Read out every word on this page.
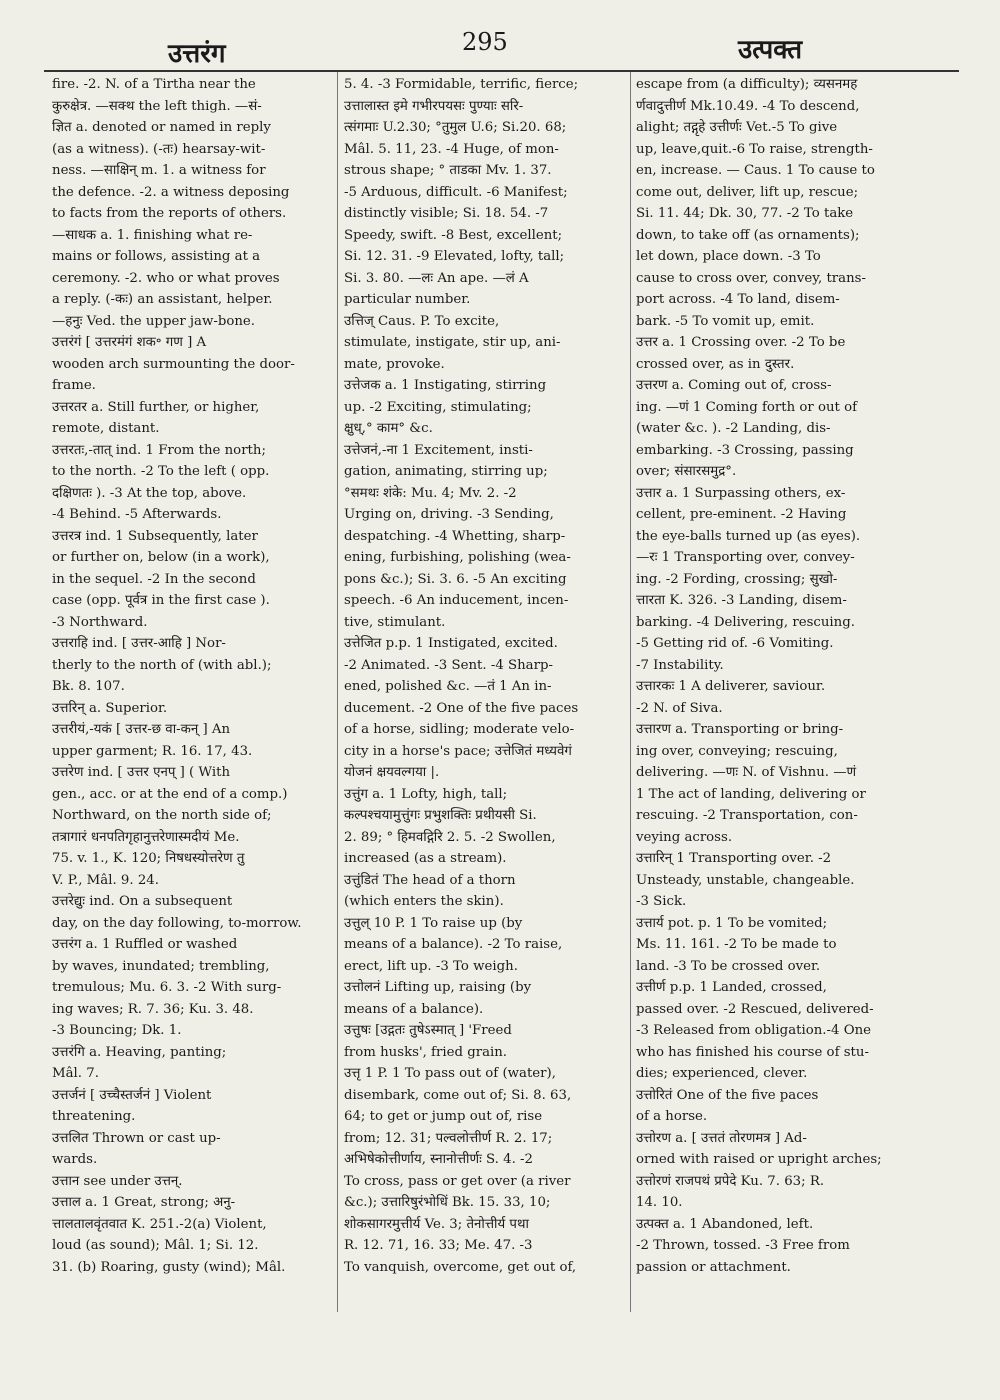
उत्तरंग	295	उत्पक्त
fire. -2. N. of a Tirtha near the
कुरुक्षेत्र. —सक्थ the left thigh. —सं-
ज्ञित a. denoted or named in reply
(as a witness). (-तः) hearsay-wit-
ness. —साक्षिन् m. 1. a witness for
the defence. -2. a witness deposing
to facts from the reports of others.
—साधक a. 1. finishing what re-
mains or follows, assisting at a
ceremony. -2. who or what proves
a reply. (-कः) an assistant, helper.
—हनुः Ved. the upper jaw-bone.
उत्तरंगं [ उत्तरमंगं शक॰ गण ] A
wooden arch surmounting the door-
frame.
उत्तरतर a. Still further, or higher,
remote, distant.
उत्तरतः,-तात् ind. 1 From the north;
to the north. -2 To the left ( opp.
दक्षिणतः ). -3 At the top, above.
-4 Behind. -5 Afterwards.
उत्तरत्र ind. 1 Subsequently, later
or further on, below (in a work),
in the sequel. -2 In the second
case (opp. पूर्वत्र in the first case ).
-3 Northward.
उत्तराहि ind. [ उत्तर-आहि ] Nor-
therly to the north of (with abl.);
Bk. 8. 107.
उत्तरिन् a. Superior.
उत्तरीयं,-यकं [ उत्तर-छ वा-कन् ] An
upper garment; R. 16. 17, 43.
उत्तरेण ind. [ उत्तर एनप् ] ( With
gen., acc. or at the end of a comp.)
Northward, on the north side of;
तत्रागारं धनपतिगृहानुत्तरेणास्मदीयं Me.
75. v. 1., K. 120; निषधस्योत्तरेण तु
V. P., Mâl. 9. 24.
उत्तरेद्युः ind. On a subsequent
day, on the day following, to-morrow.
उत्तरंग a. 1 Ruffled or washed
by waves, inundated; trembling,
tremulous; Mu. 6. 3. -2 With surg-
ing waves; R. 7. 36; Ku. 3. 48.
-3 Bouncing; Dk. 1.
उत्तरंगि a. Heaving, panting;
Mâl. 7.
उत्तर्जनं [ उच्चैस्तर्जनं ] Violent
threatening.
उत्तलित Thrown or cast up-
wards.
उत्तान see under उत्तन्.
उत्ताल a. 1 Great, strong; अनु-
त्तालतालवृंतवात K. 251.-2(a) Violent,
loud (as sound); Mâl. 1; Si. 12.
31. (b) Roaring, gusty (wind); Mâl.
5. 4. -3 Formidable, terrific, fierce;
उत्तालास्त इमे गभीरपयसः पुण्याः सरि-
त्संगमाः U.2.30; °तुमुल U.6; Si.20. 68;
Mâl. 5. 11, 23. -4 Huge, of mon-
strous shape; ° ताडका Mv. 1. 37.
-5 Arduous, difficult. -6 Manifest;
distinctly visible; Si. 18. 54. -7
Speedy, swift. -8 Best, excellent;
Si. 12. 31. -9 Elevated, lofty, tall;
Si. 3. 80. —लः An ape. —लं A
particular number.
उत्तिज् Caus. P. To excite,
stimulate, instigate, stir up, ani-
mate, provoke.
उत्तेजक a. 1 Instigating, stirring
up. -2 Exciting, stimulating;
क्षुध्,° काम° &c.
उत्तेजनं,-ना 1 Excitement, insti-
gation, animating, stirring up;
°समथः शंके: Mu. 4; Mv. 2. -2
Urging on, driving. -3 Sending,
despatching. -4 Whetting, sharp-
ening, furbishing, polishing (wea-
pons &c.); Si. 3. 6. -5 An exciting
speech. -6 An inducement, incen-
tive, stimulant.
उत्तेजित p.p. 1 Instigated, excited.
-2 Animated. -3 Sent. -4 Sharp-
ened, polished &c. —तं 1 An in-
ducement. -2 One of the five paces
of a horse, sidling; moderate velo-
city in a horse's pace; उत्तेजितं मध्यवेगं
योजनं क्षयवल्गया |.
उत्तुंग a. 1 Lofty, high, tall;
कल्पश्चयामुत्तुंगः प्रभुशक्तिः प्रथीयसी Si.
2. 89; ° हिमवद्गिरि 2. 5. -2 Swollen,
increased (as a stream).
उत्तुंडितं The head of a thorn
(which enters the skin).
उत्तुल् 10 P. 1 To raise up (by
means of a balance). -2 To raise,
erect, lift up. -3 To weigh.
उत्तोलनं Lifting up, raising (by
means of a balance).
उत्तुषः [उद्गतः तुषेऽस्मात् ] 'Freed
from husks', fried grain.
उत्तृ 1 P. 1 To pass out of (water),
disembark, come out of; Si. 8. 63,
64; to get or jump out of, rise
from; 12. 31; पल्वलोत्तीर्ण R. 2. 17;
अभिषेकोत्तीर्णाय, स्नानोत्तीर्णः S. 4. -2
To cross, pass or get over (a river
&c.); उत्तारिषुरंभोधिं Bk. 15. 33, 10;
शोकसागरमुत्तीर्य Ve. 3; तेनोत्तीर्य पथा
R. 12. 71, 16. 33; Me. 47. -3
To vanquish, overcome, get out of,
escape from (a difficulty); व्यसनमह
र्णवादुत्तीर्ण Mk.10.49. -4 To descend,
alight; तद्गृहे उत्तीर्णः Vet.-5 To give
up, leave,quit.-6 To raise, strength-
en, increase. — Caus. 1 To cause to
come out, deliver, lift up, rescue;
Si. 11. 44; Dk. 30, 77. -2 To take
down, to take off (as ornaments);
let down, place down. -3 To
cause to cross over, convey, trans-
port across. -4 To land, disem-
bark. -5 To vomit up, emit.
उत्तर a. 1 Crossing over. -2 To be
crossed over, as in दुस्तर.
उत्तरण a. Coming out of, cross-
ing. —णं 1 Coming forth or out of
(water &c. ). -2 Landing, dis-
embarking. -3 Crossing, passing
over; संसारसमुद्र°.
उत्तार a. 1 Surpassing others, ex-
cellent, pre-eminent. -2 Having
the eye-balls turned up (as eyes).
—रः 1 Transporting over, convey-
ing. -2 Fording, crossing; सुखो-
त्तारता K. 326. -3 Landing, disem-
barking. -4 Delivering, rescuing.
-5 Getting rid of. -6 Vomiting.
-7 Instability.
उत्तारकः 1 A deliverer, saviour.
-2 N. of Siva.
उत्तारण a. Transporting or bring-
ing over, conveying; rescuing,
delivering. —णः N. of Vishnu. —णं
1 The act of landing, delivering or
rescuing. -2 Transportation, con-
veying across.
उत्तारिन् 1 Transporting over. -2
Unsteady, unstable, changeable.
-3 Sick.
उत्तार्य pot. p. 1 To be vomited;
Ms. 11. 161. -2 To be made to
land. -3 To be crossed over.
उत्तीर्ण p.p. 1 Landed, crossed,
passed over. -2 Rescued, delivered-
-3 Released from obligation.-4 One
who has finished his course of stu-
dies; experienced, clever.
उत्तोरितं One of the five paces
of a horse.
उत्तोरण a. [ उत्ततं तोरणमत्र ] Ad-
orned with raised or upright arches;
उत्तोरणं राजपथं प्रपेदे Ku. 7. 63; R.
14. 10.
उत्पक्त a. 1 Abandoned, left.
-2 Thrown, tossed. -3 Free from
passion or attachment.
